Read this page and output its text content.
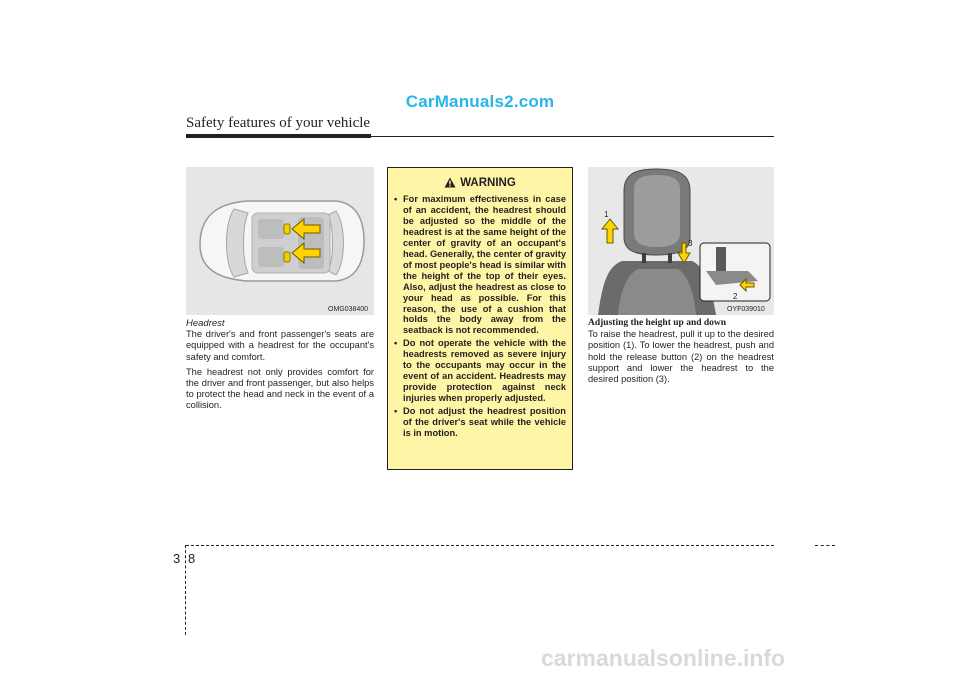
CarManuals2.com
Safety features of your vehicle
OMG038400
Headrest

The driver's and front passenger's seats are equipped with a headrest for the occupant's safety and comfort.

The headrest not only provides comfort for the driver and front passenger, but also helps to protect the head and neck in the event of a collision.

WARNING
• For maximum effectiveness in case of an accident, the headrest should be adjusted so the middle of the headrest is at the same height of the center of gravity of an occupant's head. Generally, the center of gravity of most people's head is similar with the height of the top of their eyes. Also, adjust the headrest as close to your head as possible. For this reason, the use of a cushion that holds the body away from the seatback is not recommended.
• Do not operate the vehicle with the headrests removed as severe injury to the occupants may occur in the event of an accident. Headrests may provide protection against neck injuries when properly adjusted.
• Do not adjust the headrest position of the driver's seat while the vehicle is in motion.
1
3
2
OYF039010
Adjusting the height up and down

To raise the headrest, pull it up to the desired position (1). To lower the headrest, push and hold the release button (2) on the headrest support and lower the headrest to the desired position (3).

3 8
carmanualsonline.info
